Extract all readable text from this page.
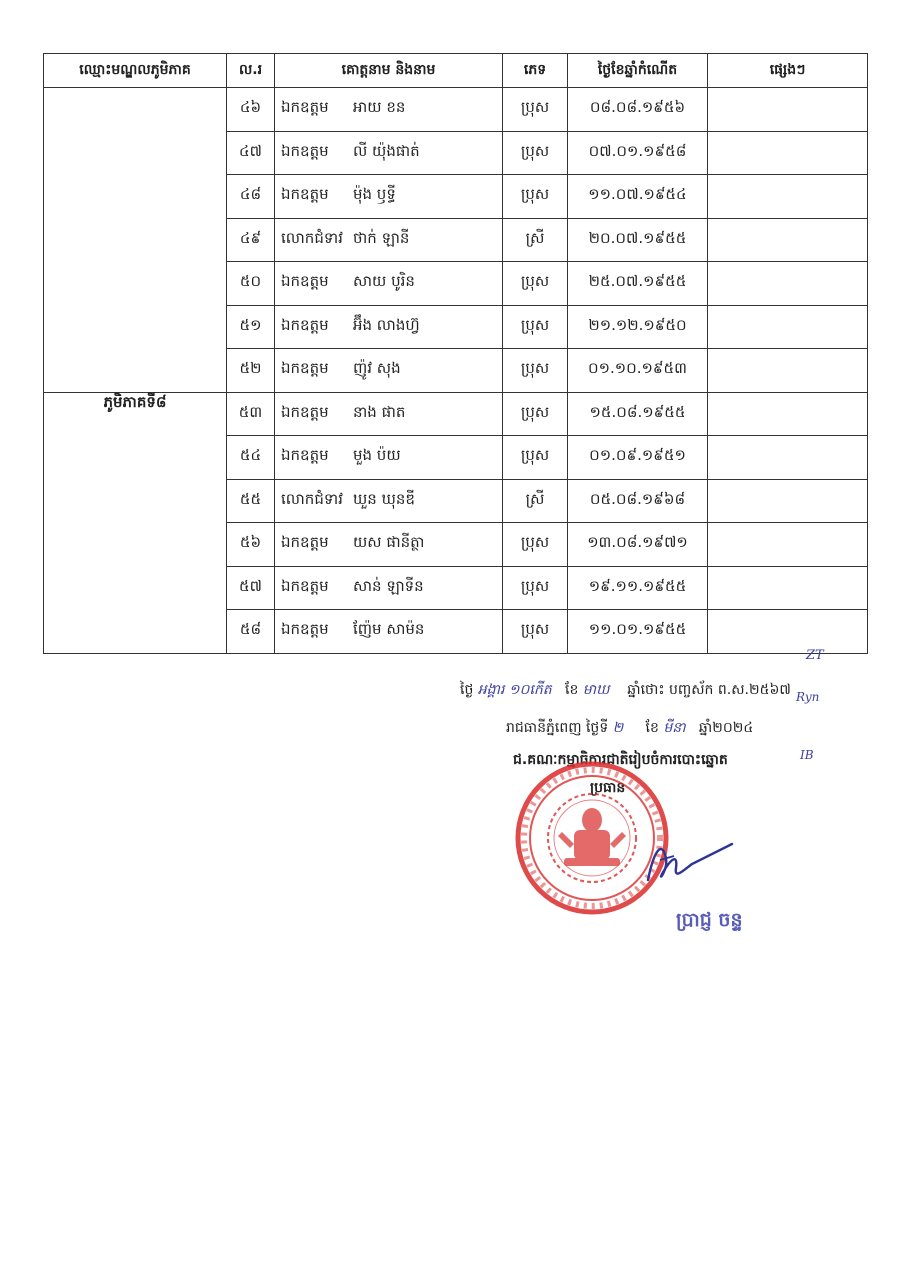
ឈ្មោះមណ្ឌលភូមិភាគ	ល.រ	គោត្តនាម និងនាម	ភេទ	ថ្ងៃខែឆ្នាំកំណើត	ផ្សេងៗ
	៤៦	ឯកឧត្តម អាយ ខន	ប្រុស	០៨.០៨.១៩៥៦	
	៤៧	ឯកឧត្តម លី យ៉ុងផាត់	ប្រុស	០៧.០១.១៩៥៨	
	៤៨	ឯកឧត្តម ម៉ុង ឫទ្ធី	ប្រុស	១១.០៧.១៩៥៤	
	៤៩	លោកជំទាវ ថាក់ ឡានី	ស្រី	២០.០៧.១៩៥៥	
	៥០	ឯកឧត្តម សាយ បូរិន	ប្រុស	២៥.០៧.១៩៥៥	
	៥១	ឯកឧត្តម អ៊ឹង លាងហ៊្វ	ប្រុស	២១.១២.១៩៥០	
	៥២	ឯកឧត្តម ញ៉ូវ សុង	ប្រុស	០១.១០.១៩៥៣	
ភូមិភាគទី៨	៥៣	ឯកឧត្តម នាង ផាត	ប្រុស	១៥.០៨.១៩៥៥	
	៥៤	ឯកឧត្តម មួង ប៉យ	ប្រុស	០១.០៩.១៩៥១	
	៥៥	លោកជំទាវ ឃួន ឃុនឌី	ស្រី	០៥.០៨.១៩៦៨	
	៥៦	ឯកឧត្តម យស ផានីត្ថា	ប្រុស	១៣.០៨.១៩៧១	
	៥៧	ឯកឧត្តម សាន់ ឡាទីន	ប្រុស	១៩.១១.១៩៥៥	
	៥៨	ឯកឧត្តម ញ៉ែម សាម៉ន	ប្រុស	១១.០១.១៩៥៥	
ZT
ថ្ងៃ អង្គារ ១០កើត ខែ មាឃ ឆ្នាំថោះ បញ្ចស័ក ព.ស.២៥៦៧
រាជធានីភ្នំពេញ ថ្ងៃទី ២ ខែ មីនា ឆ្នាំ២០២៤
ជ.គណៈកម្មាធិការជាតិរៀបចំការបោះឆ្នោត
ប្រធាន
ប្រាជ្ញ ចន្ទ
Ryn
IB
